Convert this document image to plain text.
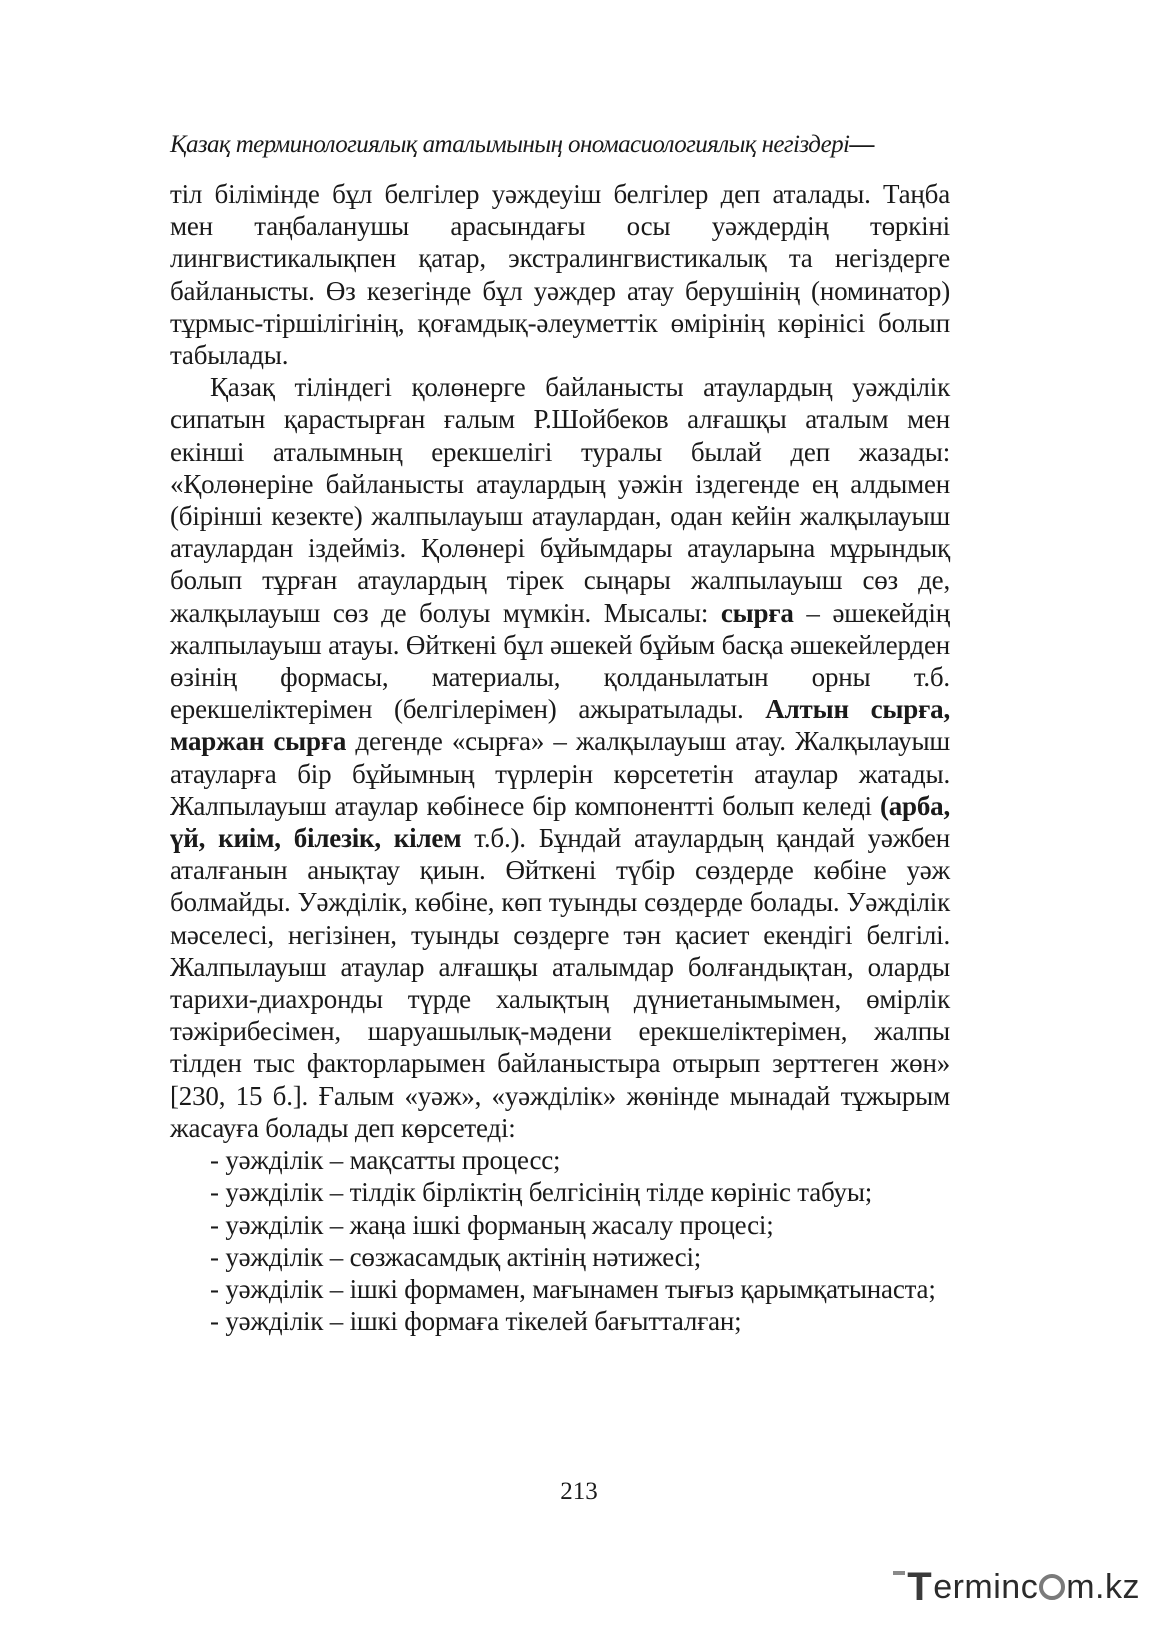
Қазақ терминологиялық аталымының ономасиологиялық негіздері—

тіл білімінде бұл белгілер уәждеуіш белгілер деп аталады. Таңба мен таңбаланушы арасындағы осы уәждердің төркіні лингвистикалықпен қатар, экстралингвистикалық та негіздерге байланысты. Өз кезегінде бұл уәждер атау берушінің (номинатор) тұрмыс-тіршілігінің, қоғамдық-әлеуметтік өмірінің көрінісі болып табылады.

Қазақ тіліндегі қолөнерге байланысты атаулардың уәжділік сипатын қарастырған ғалым Р.Шойбеков алғашқы аталым мен екінші аталымның ерекшелігі туралы былай деп жазады: «Қолөнеріне байланысты атаулардың уәжін іздегенде ең алдымен (бірінші кезекте) жалпылауыш атаулардан, одан кейін жалқылауыш атаулардан іздейміз. Қолөнері бұйымдары атауларына мұрындық болып тұрған атаулардың тірек сыңары жалпылауыш сөз де, жалқылауыш сөз де болуы мүмкін. Мысалы: сырға – әшекейдің жалпылауыш атауы. Өйткені бұл әшекей бұйым басқа әшекейлерден өзінің формасы, материалы, қолданылатын орны т.б. ерекшеліктерімен (белгілерімен) ажыратылады. Алтын сырға, маржан сырға дегенде «сырға» – жалқылауыш атау. Жалқылауыш атауларға бір бұйымның түрлерін көрсететін атаулар жатады. Жалпылауыш атаулар көбінесе бір компонентті болып келеді (арба, үй, киім, білезік, кілем т.б.). Бұндай атаулардың қандай уәжбен аталғанын анықтау қиын. Өйткені түбір сөздерде көбіне уәж болмайды. Уәжділік, көбіне, көп туынды сөздерде болады. Уәжділік мәселесі, негізінен, туынды сөздерге тән қасиет екендігі белгілі. Жалпылауыш атаулар алғашқы аталымдар болғандықтан, оларды тарихи-диахронды түрде халықтың дүниетанымымен, өмірлік тәжірибесімен, шаруашылық-мәдени ерекшеліктерімен, жалпы тілден тыс факторларымен байланыстыра отырып зерттеген жөн» [230, 15 б.]. Ғалым «уәж», «уәжділік» жөнінде мынадай тұжырым жасауға болады деп көрсетеді:

- уәжділік – мақсатты процесс;

- уәжділік – тілдік бірліктің белгісінің тілде көрініс табуы;

- уәжділік – жаңа ішкі форманың жасалу процесі;

- уәжділік – сөзжасамдық актінің нәтижесі;

- уәжділік – ішкі формамен, мағынамен тығыз қарымқатынаста;

- уәжділік – ішкі формаға тікелей бағытталған;

213
T erminc m.kz
